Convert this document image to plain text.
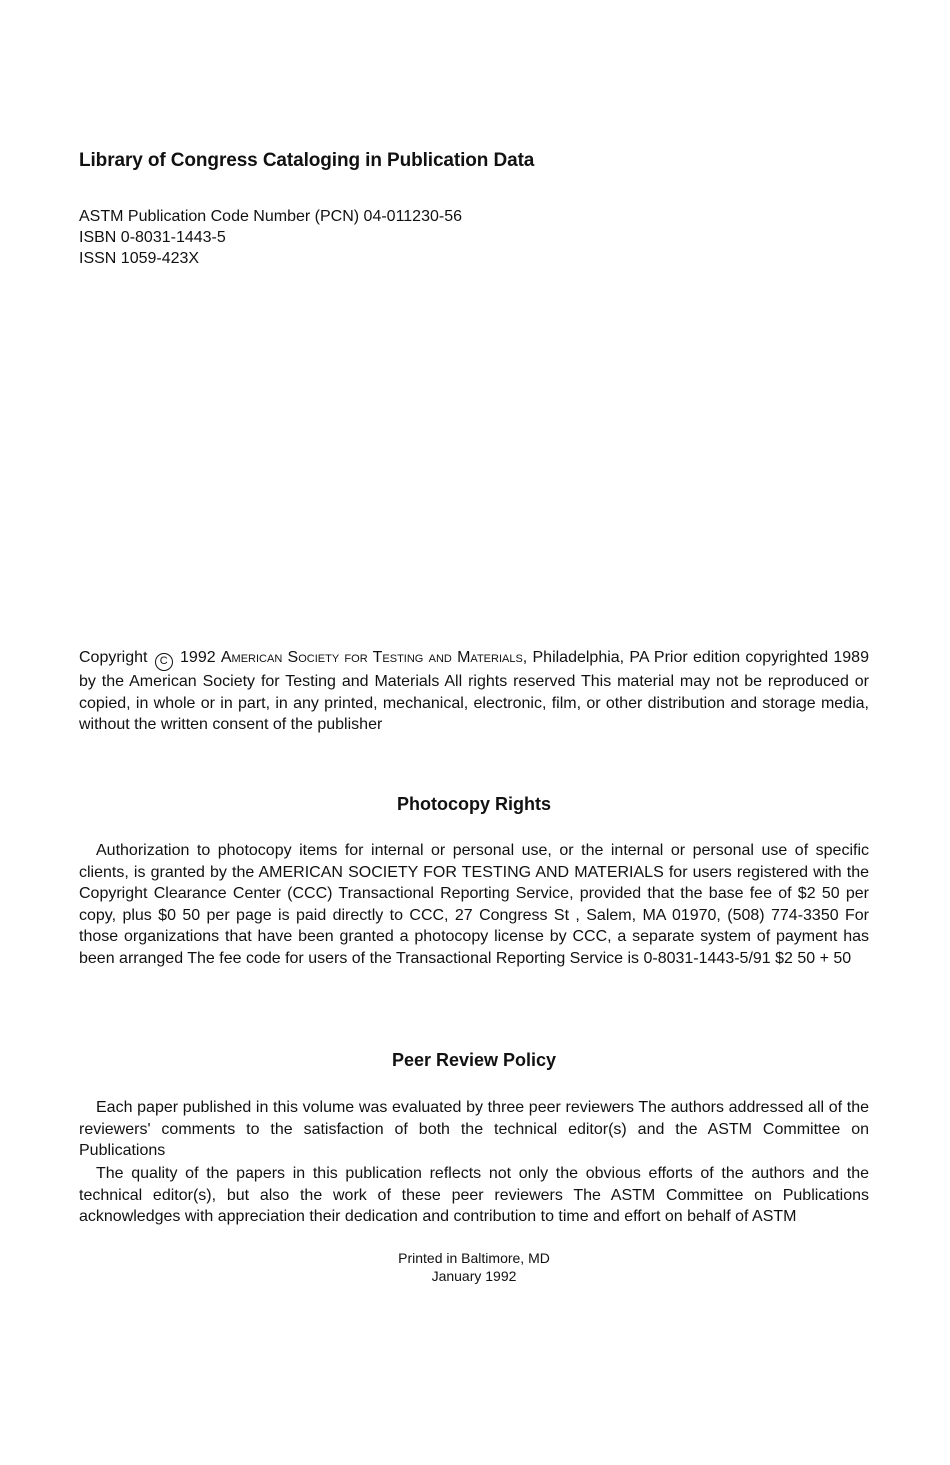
Library of Congress Cataloging in Publication Data
ASTM Publication Code Number (PCN) 04-011230-56
ISBN 0-8031-1443-5
ISSN 1059-423X
Copyright C 1992 American Society for Testing and Materials, Philadelphia, PA Prior edition copyrighted 1989 by the American Society for Testing and Materials All rights reserved This material may not be reproduced or copied, in whole or in part, in any printed, mechanical, electronic, film, or other distribution and storage media, without the written consent of the publisher
Photocopy Rights
Authorization to photocopy items for internal or personal use, or the internal or personal use of specific clients, is granted by the AMERICAN SOCIETY FOR TESTING AND MATERIALS for users registered with the Copyright Clearance Center (CCC) Transactional Reporting Service, provided that the base fee of $2 50 per copy, plus $0 50 per page is paid directly to CCC, 27 Congress St , Salem, MA 01970, (508) 774-3350 For those organizations that have been granted a photocopy license by CCC, a separate system of payment has been arranged The fee code for users of the Transactional Reporting Service is 0-8031-1443-5/91 $2 50 + 50
Peer Review Policy
Each paper published in this volume was evaluated by three peer reviewers The authors addressed all of the reviewers' comments to the satisfaction of both the technical editor(s) and the ASTM Committee on Publications
The quality of the papers in this publication reflects not only the obvious efforts of the authors and the technical editor(s), but also the work of these peer reviewers The ASTM Committee on Publications acknowledges with appreciation their dedication and contribution to time and effort on behalf of ASTM
Printed in Baltimore, MD
January 1992
